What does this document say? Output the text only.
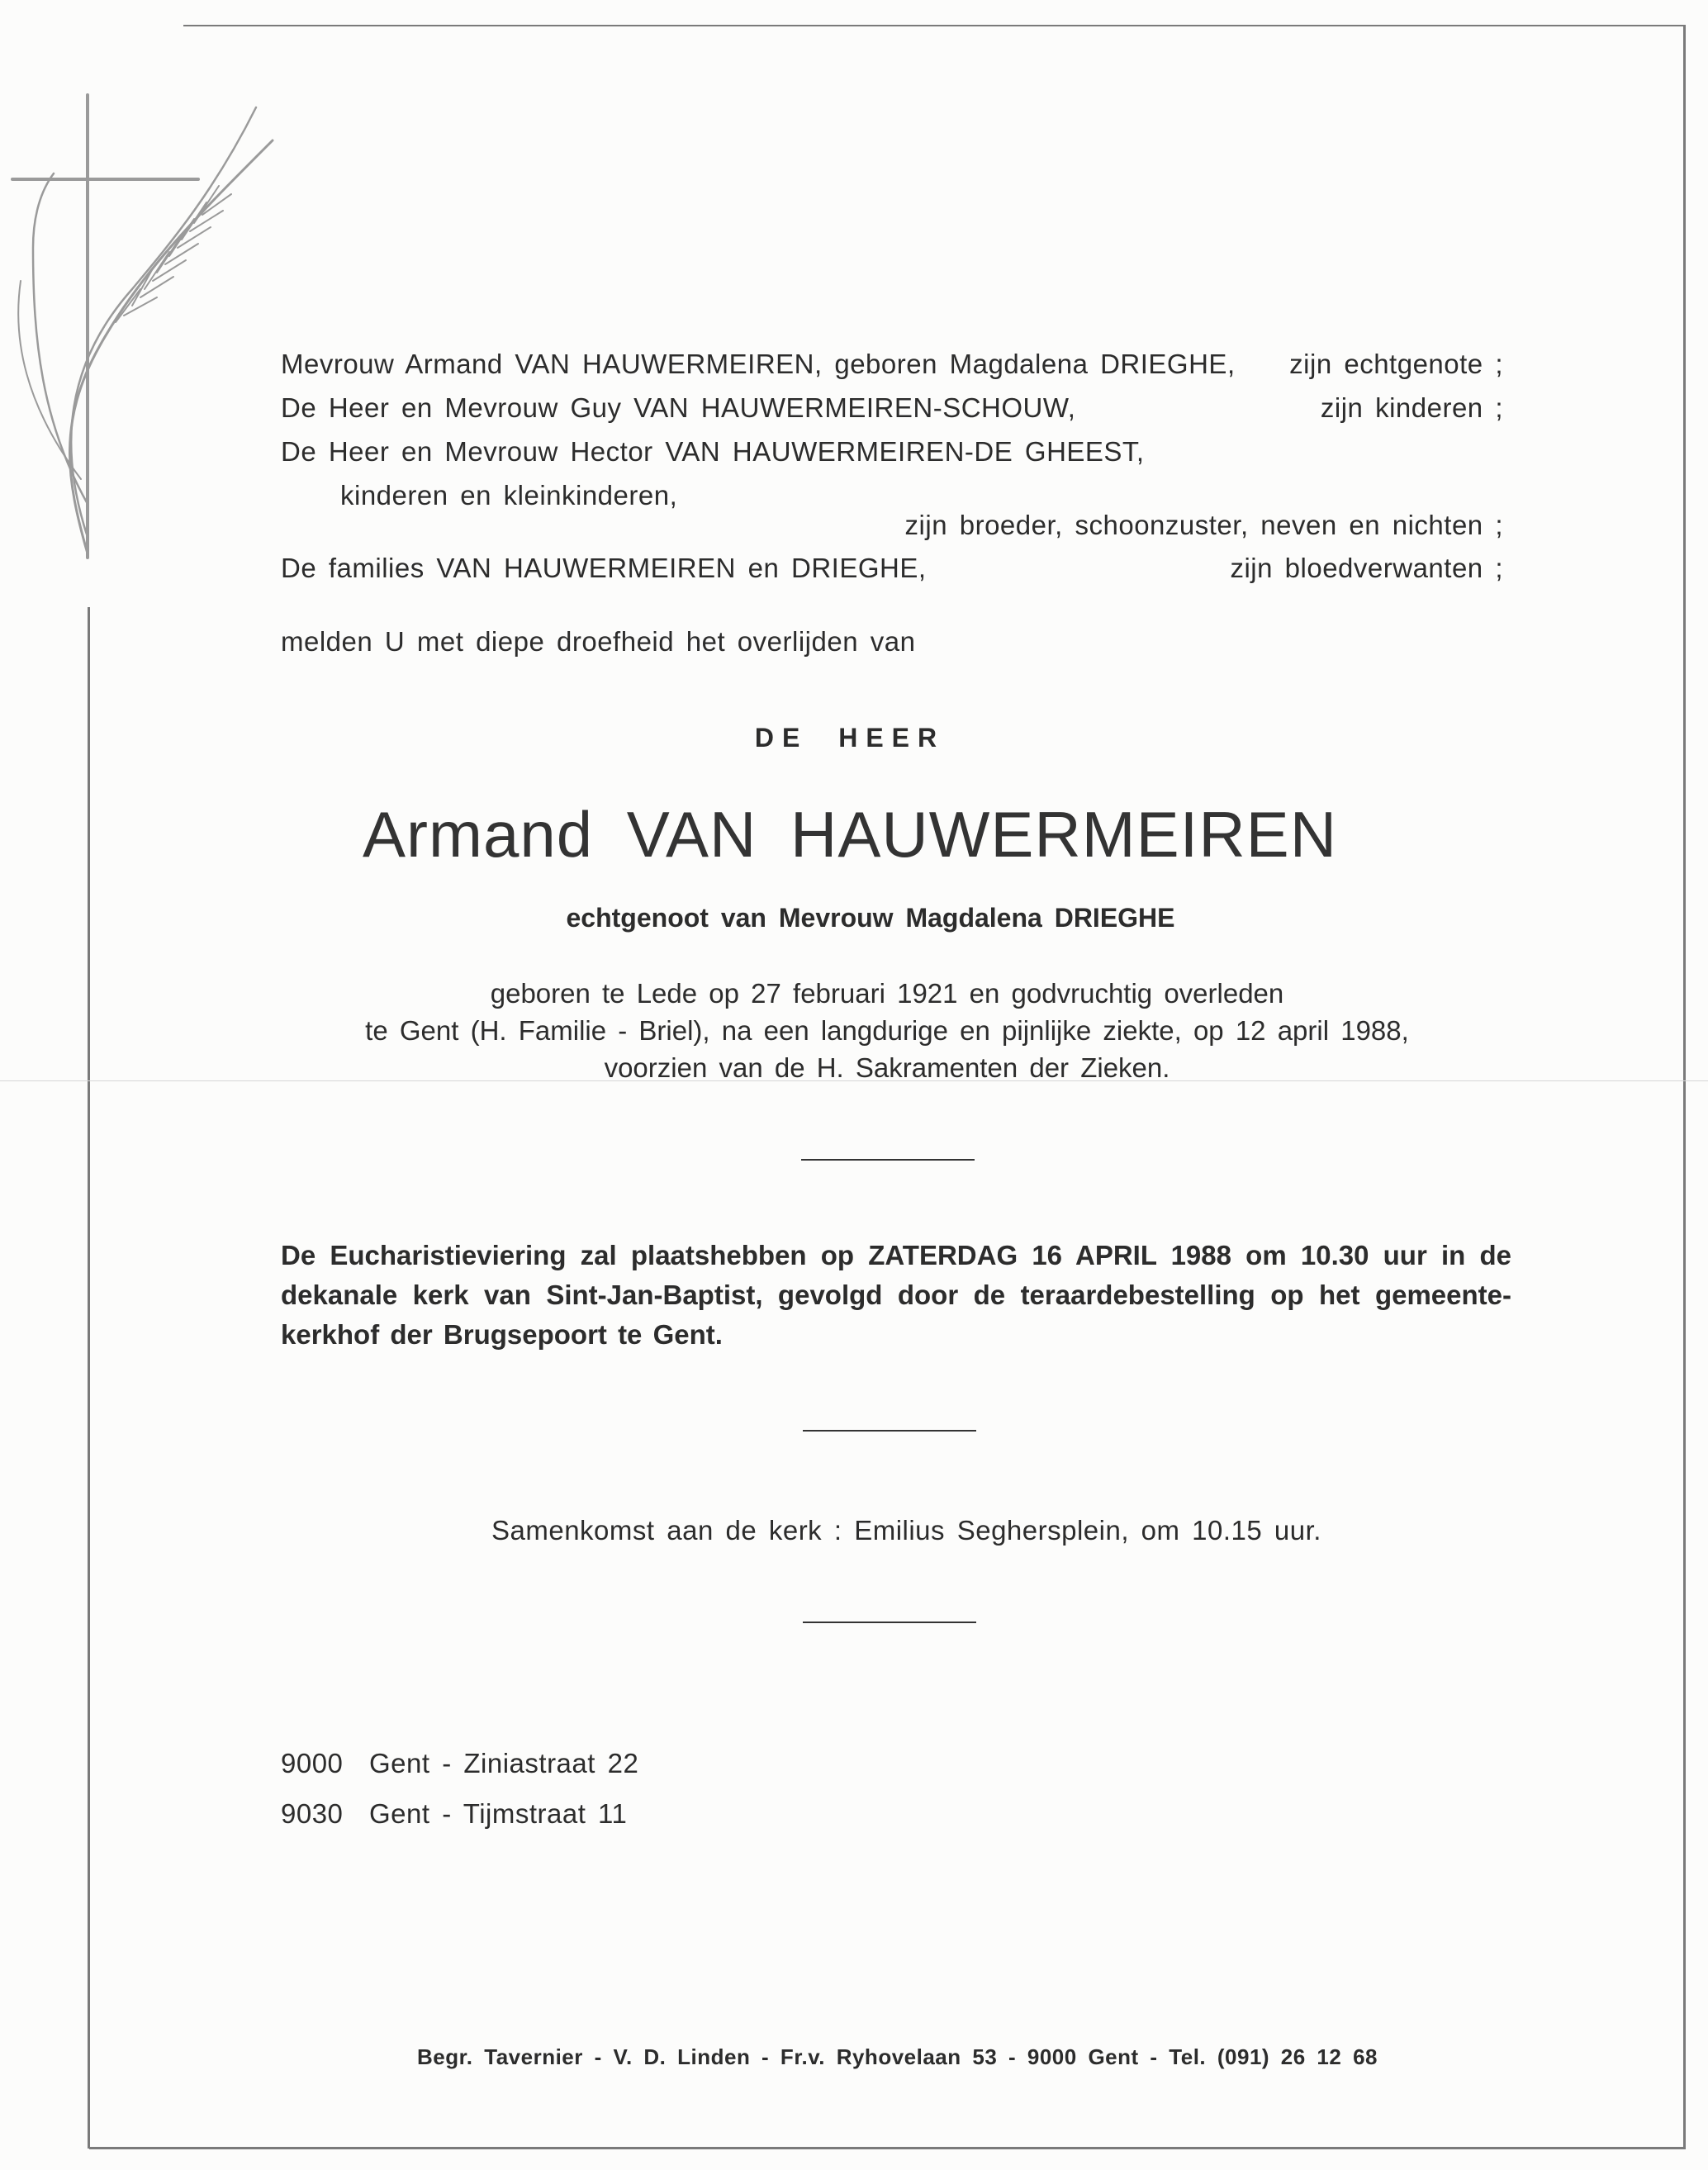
Mevrouw Armand VAN HAUWERMEIREN, geboren Magdalena DRIEGHE, zijn echtgenote ;
De Heer en Mevrouw Guy VAN HAUWERMEIREN-SCHOUW,	zijn kinderen ;
De Heer en Mevrouw Hector VAN HAUWERMEIREN-DE GHEEST,
kinderen en kleinkinderen,
zijn broeder, schoonzuster, neven en nichten ;
De families VAN HAUWERMEIREN en DRIEGHE,	zijn bloedverwanten ;
melden U met diepe droefheid het overlijden van
DE HEER
Armand VAN HAUWERMEIREN
echtgenoot van Mevrouw Magdalena DRIEGHE
geboren te Lede op 27 februari 1921 en godvruchtig overleden
te Gent (H. Familie - Briel), na een langdurige en pijnlijke ziekte, op 12 april 1988,
voorzien van de H. Sakramenten der Zieken.
De Eucharistieviering zal plaatshebben op ZATERDAG 16 APRIL 1988 om 10.30 uur in de
dekanale kerk van Sint-Jan-Baptist, gevolgd door de teraardebestelling op het gemeente-
kerkhof der Brugsepoort te Gent.
Samenkomst aan de kerk : Emilius Seghersplein, om 10.15 uur.
9000 Gent - Ziniastraat 22
9030 Gent - Tijmstraat 11
Begr. Tavernier - V. D. Linden - Fr.v. Ryhovelaan 53 - 9000 Gent - Tel. (091) 26 12 68
